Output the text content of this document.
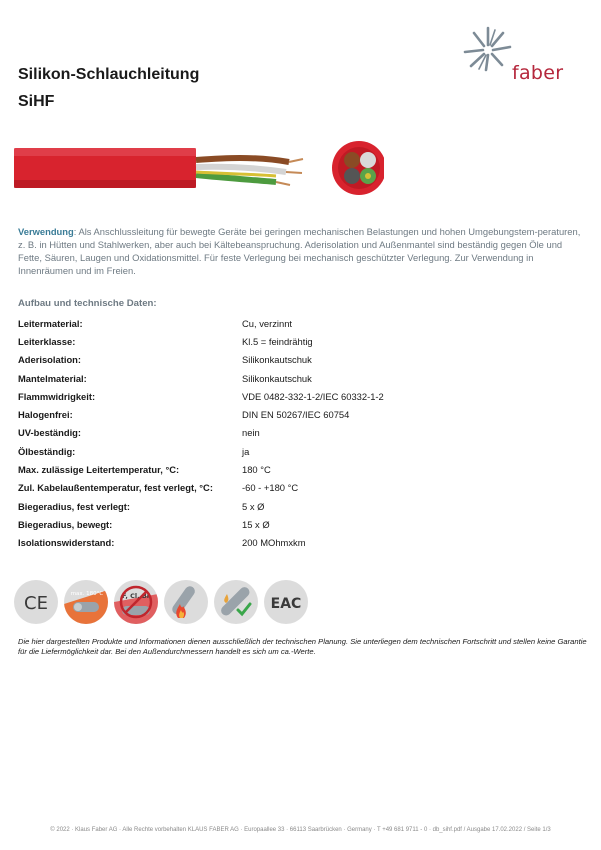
Silikon-Schlauchleitung
SiHF
faber
Verwendung: Als Anschlussleitung für bewegte Geräte bei geringen mechanischen Belastungen und hohen Umgebungstem-peraturen, z. B. in Hütten und Stahlwerken, aber auch bei Kältebeanspruchung. Aderisolation und Außenmantel sind beständig gegen Öle und Fette, Säuren, Laugen und Oxidationsmittel. Für feste Verlegung bei mechanisch geschützter Verlegung. Zur Verwendung in Innenräumen und im Freien.
Aufbau und technische Daten:
Leitermaterial:	Cu, verzinnt
Leiterklasse:	Kl.5 = feindrähtig
Aderisolation:	Silikonkautschuk
Mantelmaterial:	Silikonkautschuk
Flammwidrigkeit:	VDE 0482-332-1-2/IEC 60332-1-2
Halogenfrei:	DIN EN 50267/IEC 60754
UV-beständig:	nein
Ölbeständig:	ja
Max. zulässige Leitertemperatur, °C:	180 °C
Zul. Kabelaußentemperatur, fest verlegt, °C:	-60 - +180 °C
Biegeradius, fest verlegt:	5 x Ø
Biegeradius, bewegt:	15 x Ø
Isolationswiderstand:	200 MOhmxkm
CE	max. 180°C	F, Cl, Br	EAC
Die hier dargestellten Produkte und Informationen dienen ausschließlich der technischen Planung. Sie unterliegen dem technischen Fortschritt und stellen keine Garantie für die Liefermöglichkeit dar. Bei den Außendurchmessern handelt es sich um ca.-Werte.
© 2022 · Klaus Faber AG · Alle Rechte vorbehalten KLAUS FABER AG · Europaallee 33 · 66113 Saarbrücken · Germany · T +49 681 9711 - 0 · db_sihf.pdf / Ausgabe 17.02.2022 / Seite 1/3
